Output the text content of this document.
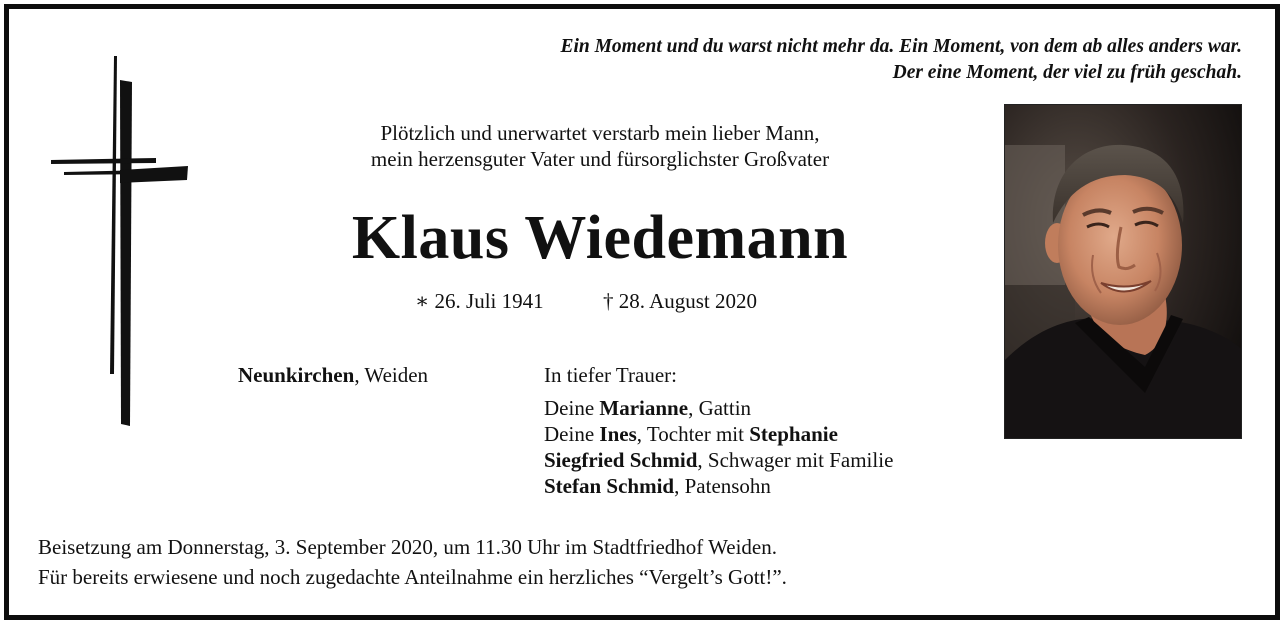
Ein Moment und du warst nicht mehr da. Ein Moment, von dem ab alles anders war.
Der eine Moment, der viel zu früh geschah.
Plötzlich und unerwartet verstarb mein lieber Mann,
mein herzensguter Vater und fürsorglichster Großvater
Klaus Wiedemann
∗ 26. Juli 1941	† 28. August 2020
Neunkirchen, Weiden	In tiefer Trauer:
Deine Marianne, Gattin
Deine Ines, Tochter mit Stephanie
Siegfried Schmid, Schwager mit Familie
Stefan Schmid, Patensohn
Beisetzung am Donnerstag, 3. September 2020, um 11.30 Uhr im Stadtfriedhof Weiden.
Für bereits erwiesene und noch zugedachte Anteilnahme ein herzliches “Vergelt’s Gott!”.
